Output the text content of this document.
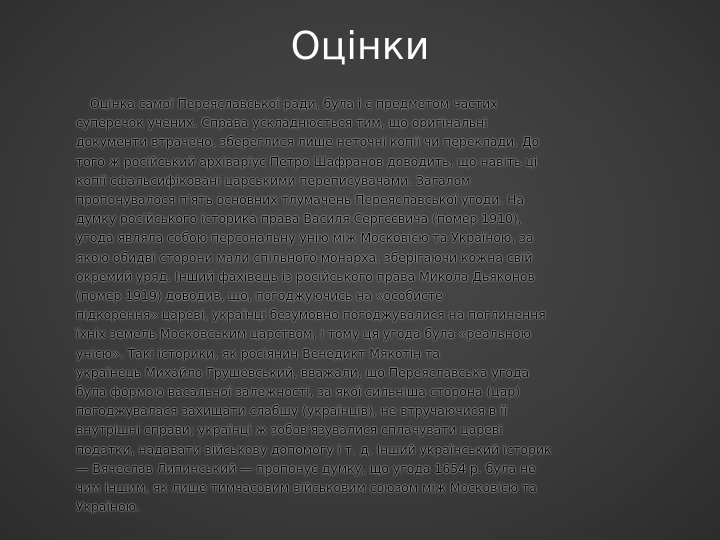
Оцінки
Оцінка самої Переяславської ради, була і є предметом частих
суперечок учених. Справа ускладнюється тим, що оригінальні
документи втрачено, збереглися лише неточні копії чи переклади. До
того ж російський архіваріус Петро Шафранов доводить, що навіть ці
копії сфальсифіковані царськими переписувачами. Загалом
пропонувалося п'ять основних тлумачень Переяславської угоди. На
думку російського історика права Василя Сергєєвича (помер 1910),
угода являла собою персональну унію між Московією та Україною, за
якою обидві сторони мали спільного монарха, зберігаючи кожна свій
окремий уряд. Інший фахівець із російського права Микола Дьяконов
(помер 1919) доводив, що, погоджуючись на «особисте
підкорення» цареві, українці безумовно погоджувалися на поглинення
їхніх земель Московським царством, і тому ця угода була «реальною
унією». Такі історики, як росіянин Венедикт Мякотін та
українець Михайло Грушевський, вважали, що Переяславська угода
була формою васальної залежності, за якої сильніша сторона (цар)
погоджувалася захищати слабшу (українців), не втручаючися в її
внутрішні справи; українці ж зобов'язувалися сплачувати цареві
податки, надавати військову допомогу і т. д. Інший український історик
— Вячеслав Липинський — пропонує думку, що угода 1654 р. була не
чим іншим, як лише тимчасовим військовим союзом між Московією та
Україною.
